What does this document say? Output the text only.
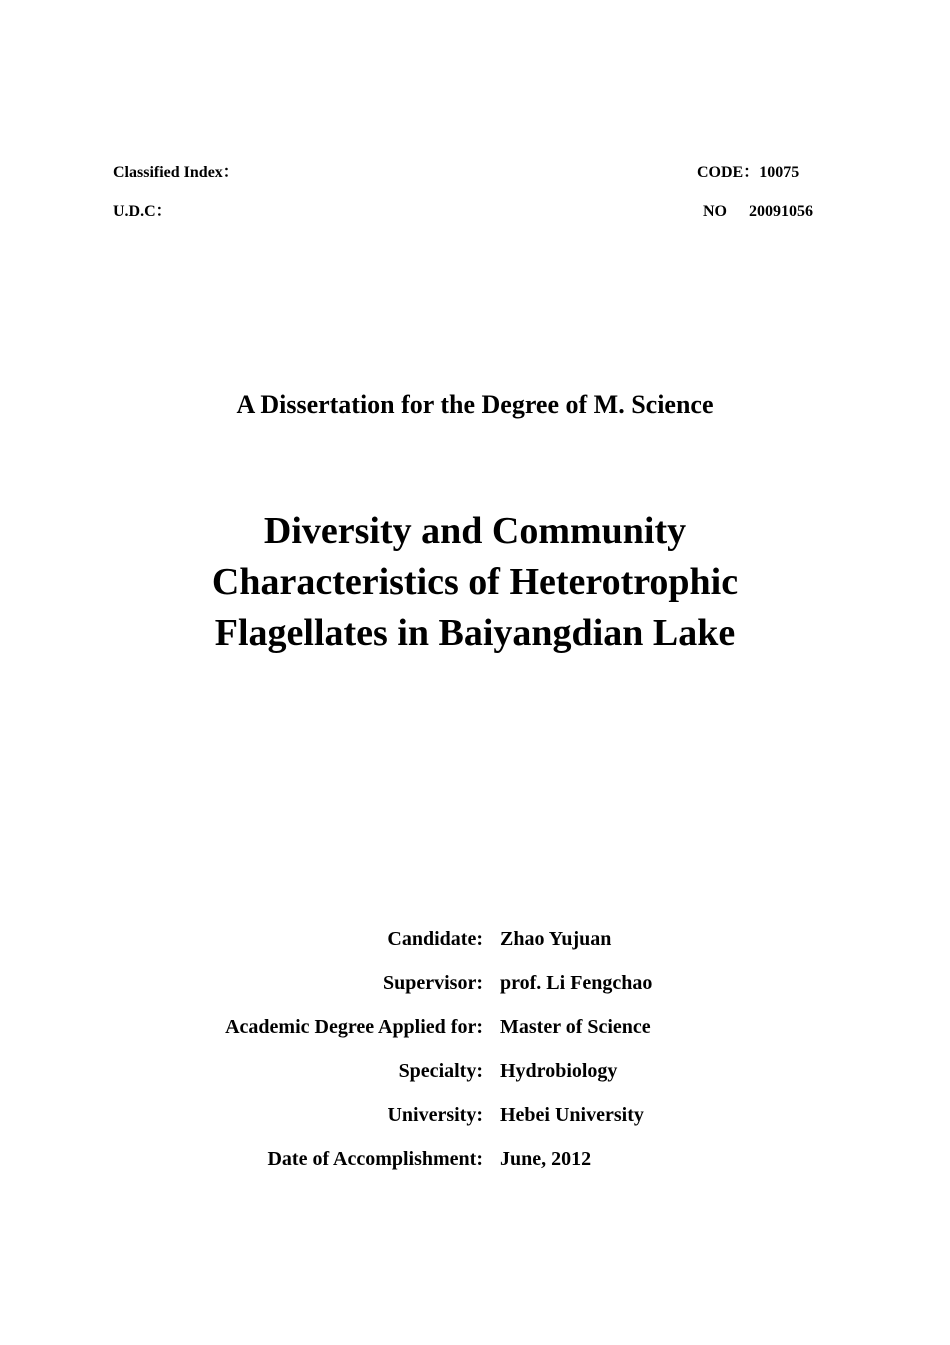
Classified Index：
U.D.C：
CODE：10075
NO 20091056
A Dissertation for the Degree of M. Science
Diversity and Community
Characteristics of Heterotrophic
Flagellates in Baiyangdian Lake
Candidate: Zhao Yujuan
Supervisor: prof. Li Fengchao
Academic Degree Applied for: Master of Science
Specialty: Hydrobiology
University: Hebei University
Date of Accomplishment: June, 2012
